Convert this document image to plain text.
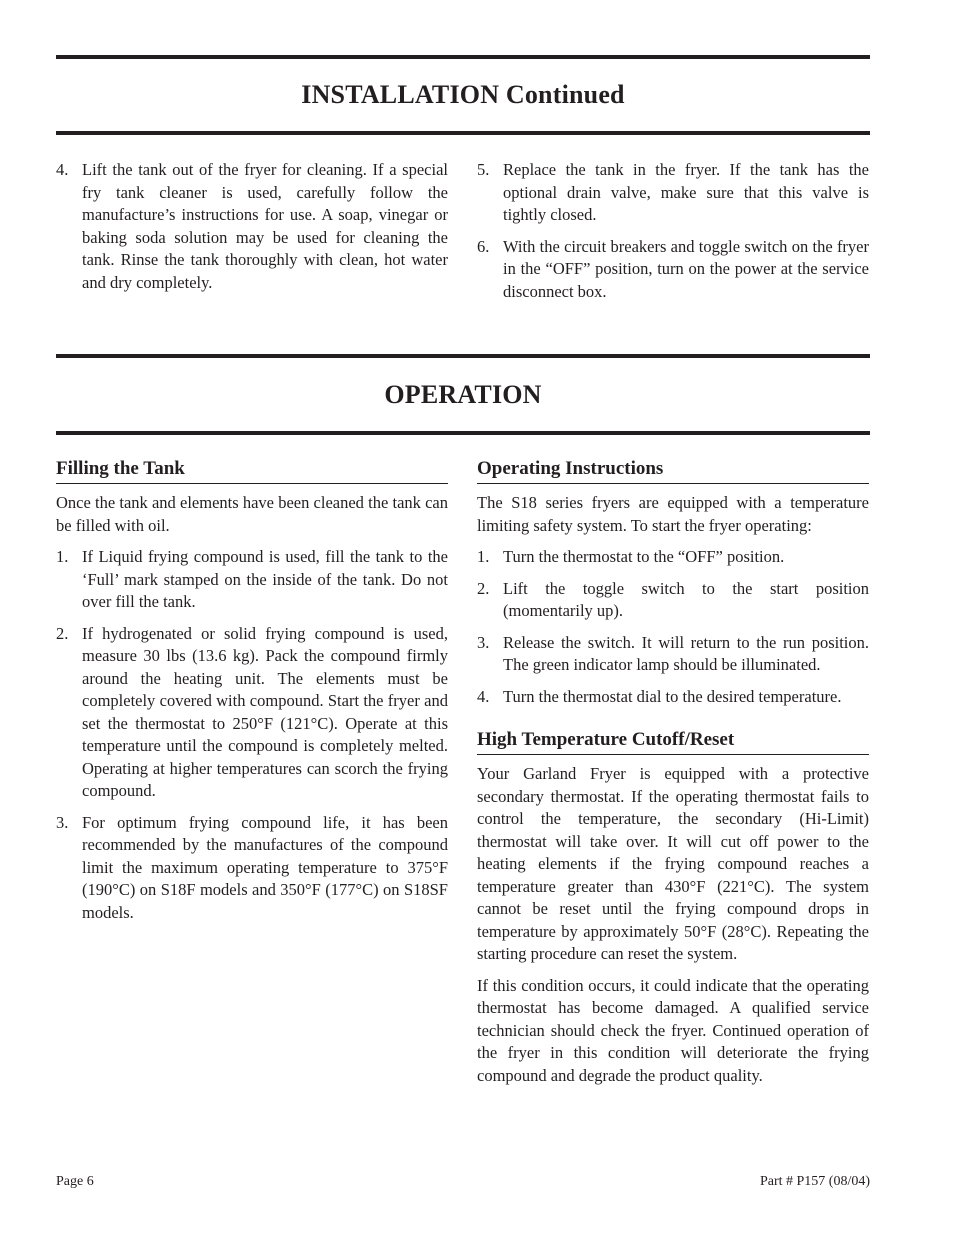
INSTALLATION Continued
4. Lift the tank out of the fryer for cleaning. If a special fry tank cleaner is used, carefully follow the manufacture’s instructions for use. A soap, vinegar or baking soda solution may be used for cleaning the tank. Rinse the tank thoroughly with clean, hot water and dry completely.
5. Replace the tank in the fryer. If the tank has the optional drain valve, make sure that this valve is tightly closed.
6. With the circuit breakers and toggle switch on the fryer in the “OFF” position, turn on the power at the service disconnect box.
OPERATION
Filling the Tank

Once the tank and elements have been cleaned the tank can be filled with oil.

1. If Liquid frying compound is used, fill the tank to the ‘Full’ mark stamped on the inside of the tank. Do not over fill the tank.
2. If hydrogenated or solid frying compound is used, measure 30 lbs (13.6 kg). Pack the compound firmly around the heating unit. The elements must be completely covered with compound. Start the fryer and set the thermostat to 250°F (121°C). Operate at this temperature until the compound is completely melted. Operating at higher temperatures can scorch the frying compound.
3. For optimum frying compound life, it has been recommended by the manufactures of the compound limit the maximum operating temperature to 375°F (190°C) on S18F models and 350°F (177°C) on S18SF models.
Operating Instructions

The S18 series fryers are equipped with a temperature limiting safety system. To start the fryer operating:

1. Turn the thermostat to the “OFF” position.
2. Lift the toggle switch to the start position (momentarily up).
3. Release the switch. It will return to the run position. The green indicator lamp should be illuminated.
4. Turn the thermostat dial to the desired temperature.
High Temperature Cutoff/Reset

Your Garland Fryer is equipped with a protective secondary thermostat. If the operating thermostat fails to control the temperature, the secondary (Hi-Limit) thermostat will take over. It will cut off power to the heating elements if the frying compound reaches a temperature greater than 430°F (221°C). The system cannot be reset until the frying compound drops in temperature by approximately 50°F (28°C). Repeating the starting procedure can reset the system.

If this condition occurs, it could indicate that the operating thermostat has become damaged. A qualified service technician should check the fryer. Continued operation of the fryer in this condition will deteriorate the frying compound and degrade the product quality.

Page 6	Part # P157 (08/04)
